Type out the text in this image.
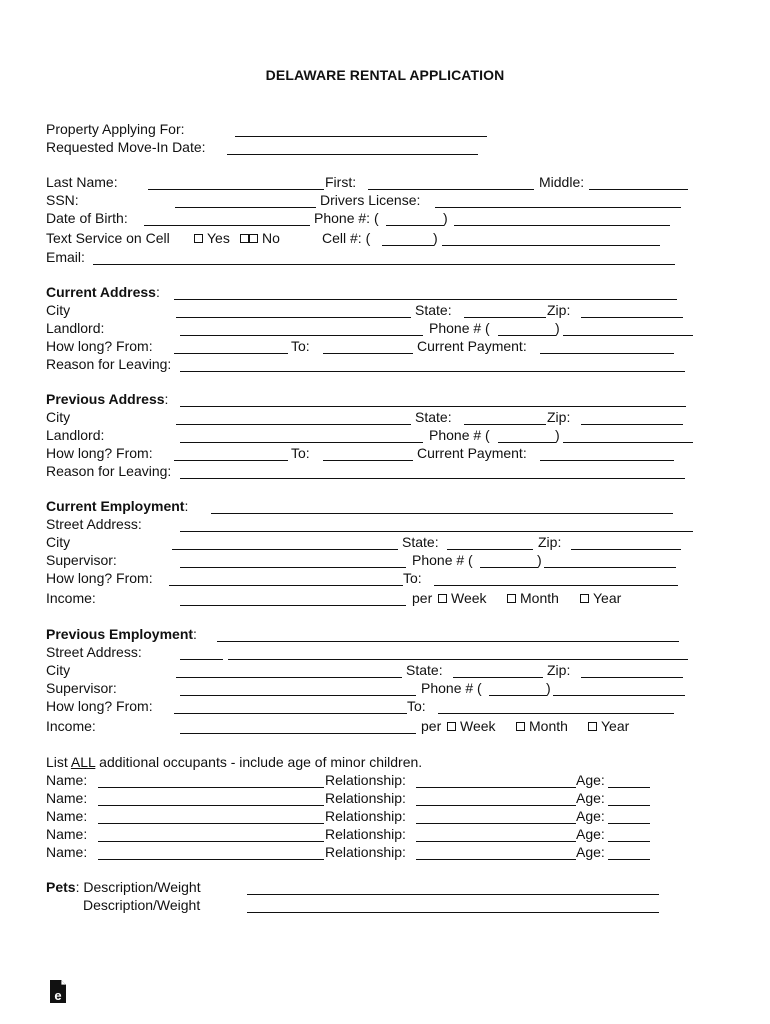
DELAWARE RENTAL APPLICATION
Property Applying For:
Requested Move-In Date:
Last Name:	First:	Middle:
SSN:	Drivers License:
Date of Birth:	Phone #: (	)
Text Service on Cell	Yes	No	Cell #: (	)
Email:
Current Address:
City	State:	Zip:
Landlord:	Phone # (	)
How long? From:	To:	Current Payment:
Reason for Leaving:
Previous Address:
City	State:	Zip:
Landlord:	Phone # (	)
How long? From:	To:	Current Payment:
Reason for Leaving:
Current Employment:
Street Address:
City	State:	Zip:
Supervisor:	Phone # (	)
How long? From:	To:
Income:	per	Week	Month	Year
Previous Employment:
Street Address:
City	State:	Zip:
Supervisor:	Phone # (	)
How long? From:	To:
Income:	per	Week	Month	Year
List ALL additional occupants - include age of minor children.
Name:	Relationship:	Age:
Name:	Relationship:	Age:
Name:	Relationship:	Age:
Name:	Relationship:	Age:
Name:	Relationship:	Age:
Pets: Description/Weight
Description/Weight
e
